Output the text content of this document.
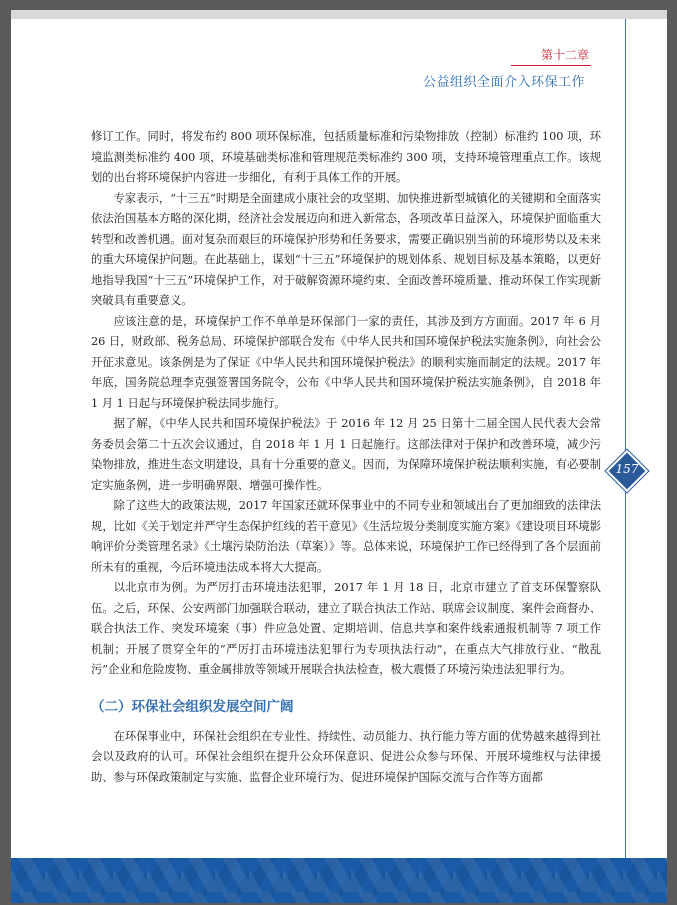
第十二章
公益组织全面介入环保工作

修订工作。同时，将发布约 800 项环保标准，包括质量标准和污染物排放（控制）标准约 100 项，环境监测类标准约 400 项，环境基础类标准和管理规范类标准约 300 项，支持环境管理重点工作。该规划的出台将环境保护内容进一步细化，有利于具体工作的开展。

专家表示，“十三五”时期是全面建成小康社会的攻坚期、加快推进新型城镇化的关键期和全面落实依法治国基本方略的深化期，经济社会发展迈向和进入新常态，各项改革日益深入，环境保护面临重大转型和改善机遇。面对复杂而艰巨的环境保护形势和任务要求，需要正确识别当前的环境形势以及未来的重大环境保护问题。在此基础上，谋划“十三五”环境保护的规划体系、规划目标及基本策略，以更好地指导我国“十三五”环境保护工作，对于破解资源环境约束、全面改善环境质量、推动环保工作实现新突破具有重要意义。

应该注意的是，环境保护工作不单单是环保部门一家的责任，其涉及到方方面面。2017 年 6 月 26 日，财政部、税务总局、环境保护部联合发布《中华人民共和国环境保护税法实施条例》，向社会公开征求意见。该条例是为了保证《中华人民共和国环境保护税法》的顺利实施而制定的法规。2017 年年底，国务院总理李克强签署国务院令，公布《中华人民共和国环境保护税法实施条例》，自 2018 年 1 月 1 日起与环境保护税法同步施行。

据了解，《中华人民共和国环境保护税法》于 2016 年 12 月 25 日第十二届全国人民代表大会常务委员会第二十五次会议通过，自 2018 年 1 月 1 日起施行。这部法律对于保护和改善环境，减少污染物排放，推进生态文明建设，具有十分重要的意义。因而，为保障环境保护税法顺利实施，有必要制定实施条例，进一步明确界限、增强可操作性。

除了这些大的政策法规，2017 年国家还就环保事业中的不同专业和领域出台了更加细致的法律法规，比如《关于划定并严守生态保护红线的若干意见》《生活垃圾分类制度实施方案》《建设项目环境影响评价分类管理名录》《土壤污染防治法（草案）》等。总体来说，环境保护工作已经得到了各个层面前所未有的重视，今后环境违法成本将大大提高。

以北京市为例。为严厉打击环境违法犯罪，2017 年 1 月 18 日，北京市建立了首支环保警察队伍。之后，环保、公安两部门加强联合联动，建立了联合执法工作站、联席会议制度、案件会商督办、联合执法工作、突发环境案（事）件应急处置、定期培训、信息共享和案件线索通报机制等 7 项工作机制；开展了贯穿全年的“严厉打击环境违法犯罪行为专项执法行动”，在重点大气排放行业、“散乱污”企业和危险废物、重金属排放等领域开展联合执法检查，极大震慑了环境污染违法犯罪行为。

（二）环保社会组织发展空间广阔

在环保事业中，环保社会组织在专业性、持续性、动员能力、执行能力等方面的优势越来越得到社会以及政府的认可。环保社会组织在提升公众环保意识、促进公众参与环保、开展环境维权与法律援助、参与环保政策制定与实施、监督企业环境行为、促进环境保护国际交流与合作等方面都

157
